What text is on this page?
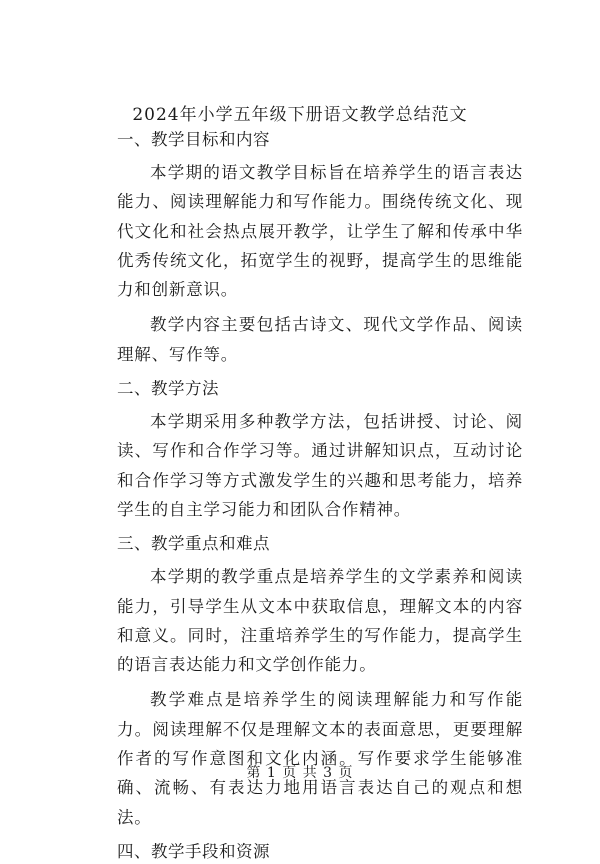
2024年小学五年级下册语文教学总结范文

一、教学目标和内容

本学期的语文教学目标旨在培养学生的语言表达能力、阅读理解能力和写作能力。围绕传统文化、现代文化和社会热点展开教学，让学生了解和传承中华优秀传统文化，拓宽学生的视野，提高学生的思维能力和创新意识。

教学内容主要包括古诗文、现代文学作品、阅读理解、写作等。

二、教学方法

本学期采用多种教学方法，包括讲授、讨论、阅读、写作和合作学习等。通过讲解知识点，互动讨论和合作学习等方式激发学生的兴趣和思考能力，培养学生的自主学习能力和团队合作精神。

三、教学重点和难点

本学期的教学重点是培养学生的文学素养和阅读能力，引导学生从文本中获取信息，理解文本的内容和意义。同时，注重培养学生的写作能力，提高学生的语言表达能力和文学创作能力。

教学难点是培养学生的阅读理解能力和写作能力。阅读理解不仅是理解文本的表面意思，更要理解作者的写作意图和文化内涵。写作要求学生能够准确、流畅、有表达力地用语言表达自己的观点和想法。

四、教学手段和资源

第 1 页 共 3 页
